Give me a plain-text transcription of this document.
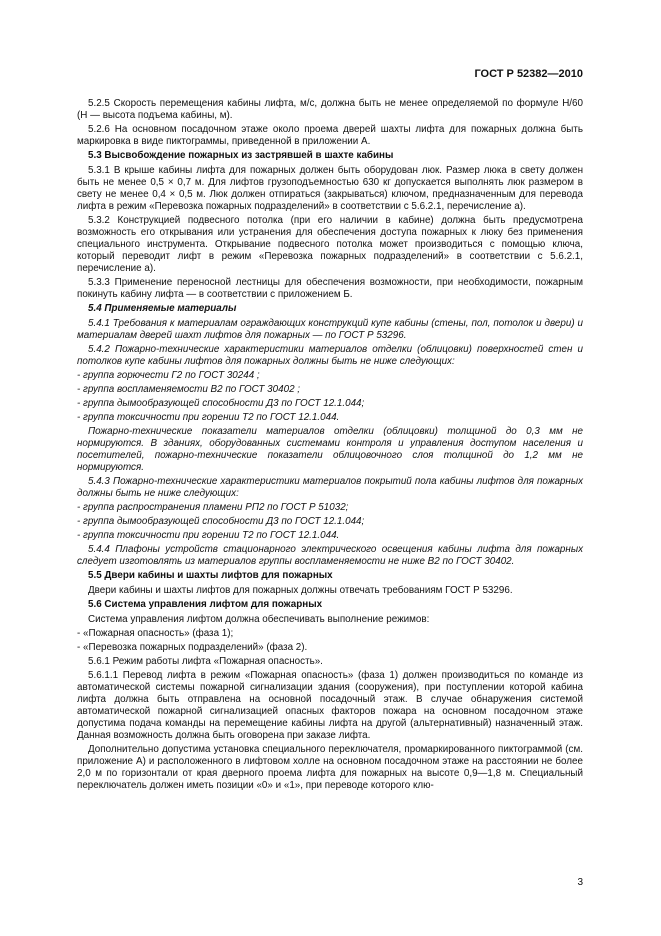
ГОСТ Р 52382—2010

5.2.5 Скорость перемещения кабины лифта, м/с, должна быть не менее определяемой по формуле H/60 (H — высота подъема кабины, м).

5.2.6 На основном посадочном этаже около проема дверей шахты лифта для пожарных должна быть маркировка в виде пиктограммы, приведенной в приложении А.

5.3 Высвобождение пожарных из застрявшей в шахте кабины

5.3.1 В крыше кабины лифта для пожарных должен быть оборудован люк. Размер люка в свету должен быть не менее 0,5 × 0,7 м. Для лифтов грузоподъемностью 630 кг допускается выполнять люк размером в свету не менее 0,4 × 0,5 м. Люк должен отпираться (закрываться) ключом, предназначенным для перевода лифта в режим «Перевозка пожарных подразделений» в соответствии с 5.6.2.1, перечисление а).

5.3.2 Конструкцией подвесного потолка (при его наличии в кабине) должна быть предусмотрена возможность его открывания или устранения для обеспечения доступа пожарных к люку без применения специального инструмента. Открывание подвесного потолка может производиться с помощью ключа, который переводит лифт в режим «Перевозка пожарных подразделений» в соответствии с 5.6.2.1, перечисление а).

5.3.3 Применение переносной лестницы для обеспечения возможности, при необходимости, пожарным покинуть кабину лифта — в соответствии с приложением Б.

5.4 Применяемые материалы

5.4.1 Требования к материалам ограждающих конструкций купе кабины (стены, пол, потолок и двери) и материалам дверей шахт лифтов для пожарных — по ГОСТ Р 53296.

5.4.2 Пожарно-технические характеристики материалов отделки (облицовки) поверхностей стен и потолков купе кабины лифтов для пожарных должны быть не ниже следующих:

- группа горючести Г2 по ГОСТ 30244 ;

- группа воспламеняемости В2 по ГОСТ 30402 ;

- группа дымообразующей способности Д3 по ГОСТ 12.1.044;

- группа токсичности при горении Т2 по ГОСТ 12.1.044.

Пожарно-технические показатели материалов отделки (облицовки) толщиной до 0,3 мм не нормируются. В зданиях, оборудованных системами контроля и управления доступом населения и посетителей, пожарно-технические показатели облицовочного слоя толщиной до 1,2 мм не нормируются.

5.4.3 Пожарно-технические характеристики материалов покрытий пола кабины лифтов для пожарных должны быть не ниже следующих:

- группа распространения пламени РП2 по ГОСТ Р 51032;

- группа дымообразующей способности Д3 по ГОСТ 12.1.044;

- группа токсичности при горении Т2 по ГОСТ 12.1.044.

5.4.4 Плафоны устройств стационарного электрического освещения кабины лифта для пожарных следует изготовлять из материалов группы воспламеняемости не ниже В2 по ГОСТ 30402.

5.5 Двери кабины и шахты лифтов для пожарных

Двери кабины и шахты лифтов для пожарных должны отвечать требованиям ГОСТ Р 53296.

5.6 Система управления лифтом для пожарных

Система управления лифтом должна обеспечивать выполнение режимов:

- «Пожарная опасность» (фаза 1);

- «Перевозка пожарных подразделений» (фаза 2).

5.6.1 Режим работы лифта «Пожарная опасность».

5.6.1.1 Перевод лифта в режим «Пожарная опасность» (фаза 1) должен производиться по команде из автоматической системы пожарной сигнализации здания (сооружения), при поступлении которой кабина лифта должна быть отправлена на основной посадочный этаж. В случае обнаружения системой автоматической пожарной сигнализацией опасных факторов пожара на основном посадочном этаже допустима подача команды на перемещение кабины лифта на другой (альтернативный) назначенный этаж. Данная возможность должна быть оговорена при заказе лифта.

Дополнительно допустима установка специального переключателя, промаркированного пиктограммой (см. приложение А) и расположенного в лифтовом холле на основном посадочном этаже на расстоянии не более 2,0 м по горизонтали от края дверного проема лифта для пожарных на высоте 0,9—1,8 м. Специальный переключатель должен иметь позиции «0» и «1», при переводе которого клю-

3
